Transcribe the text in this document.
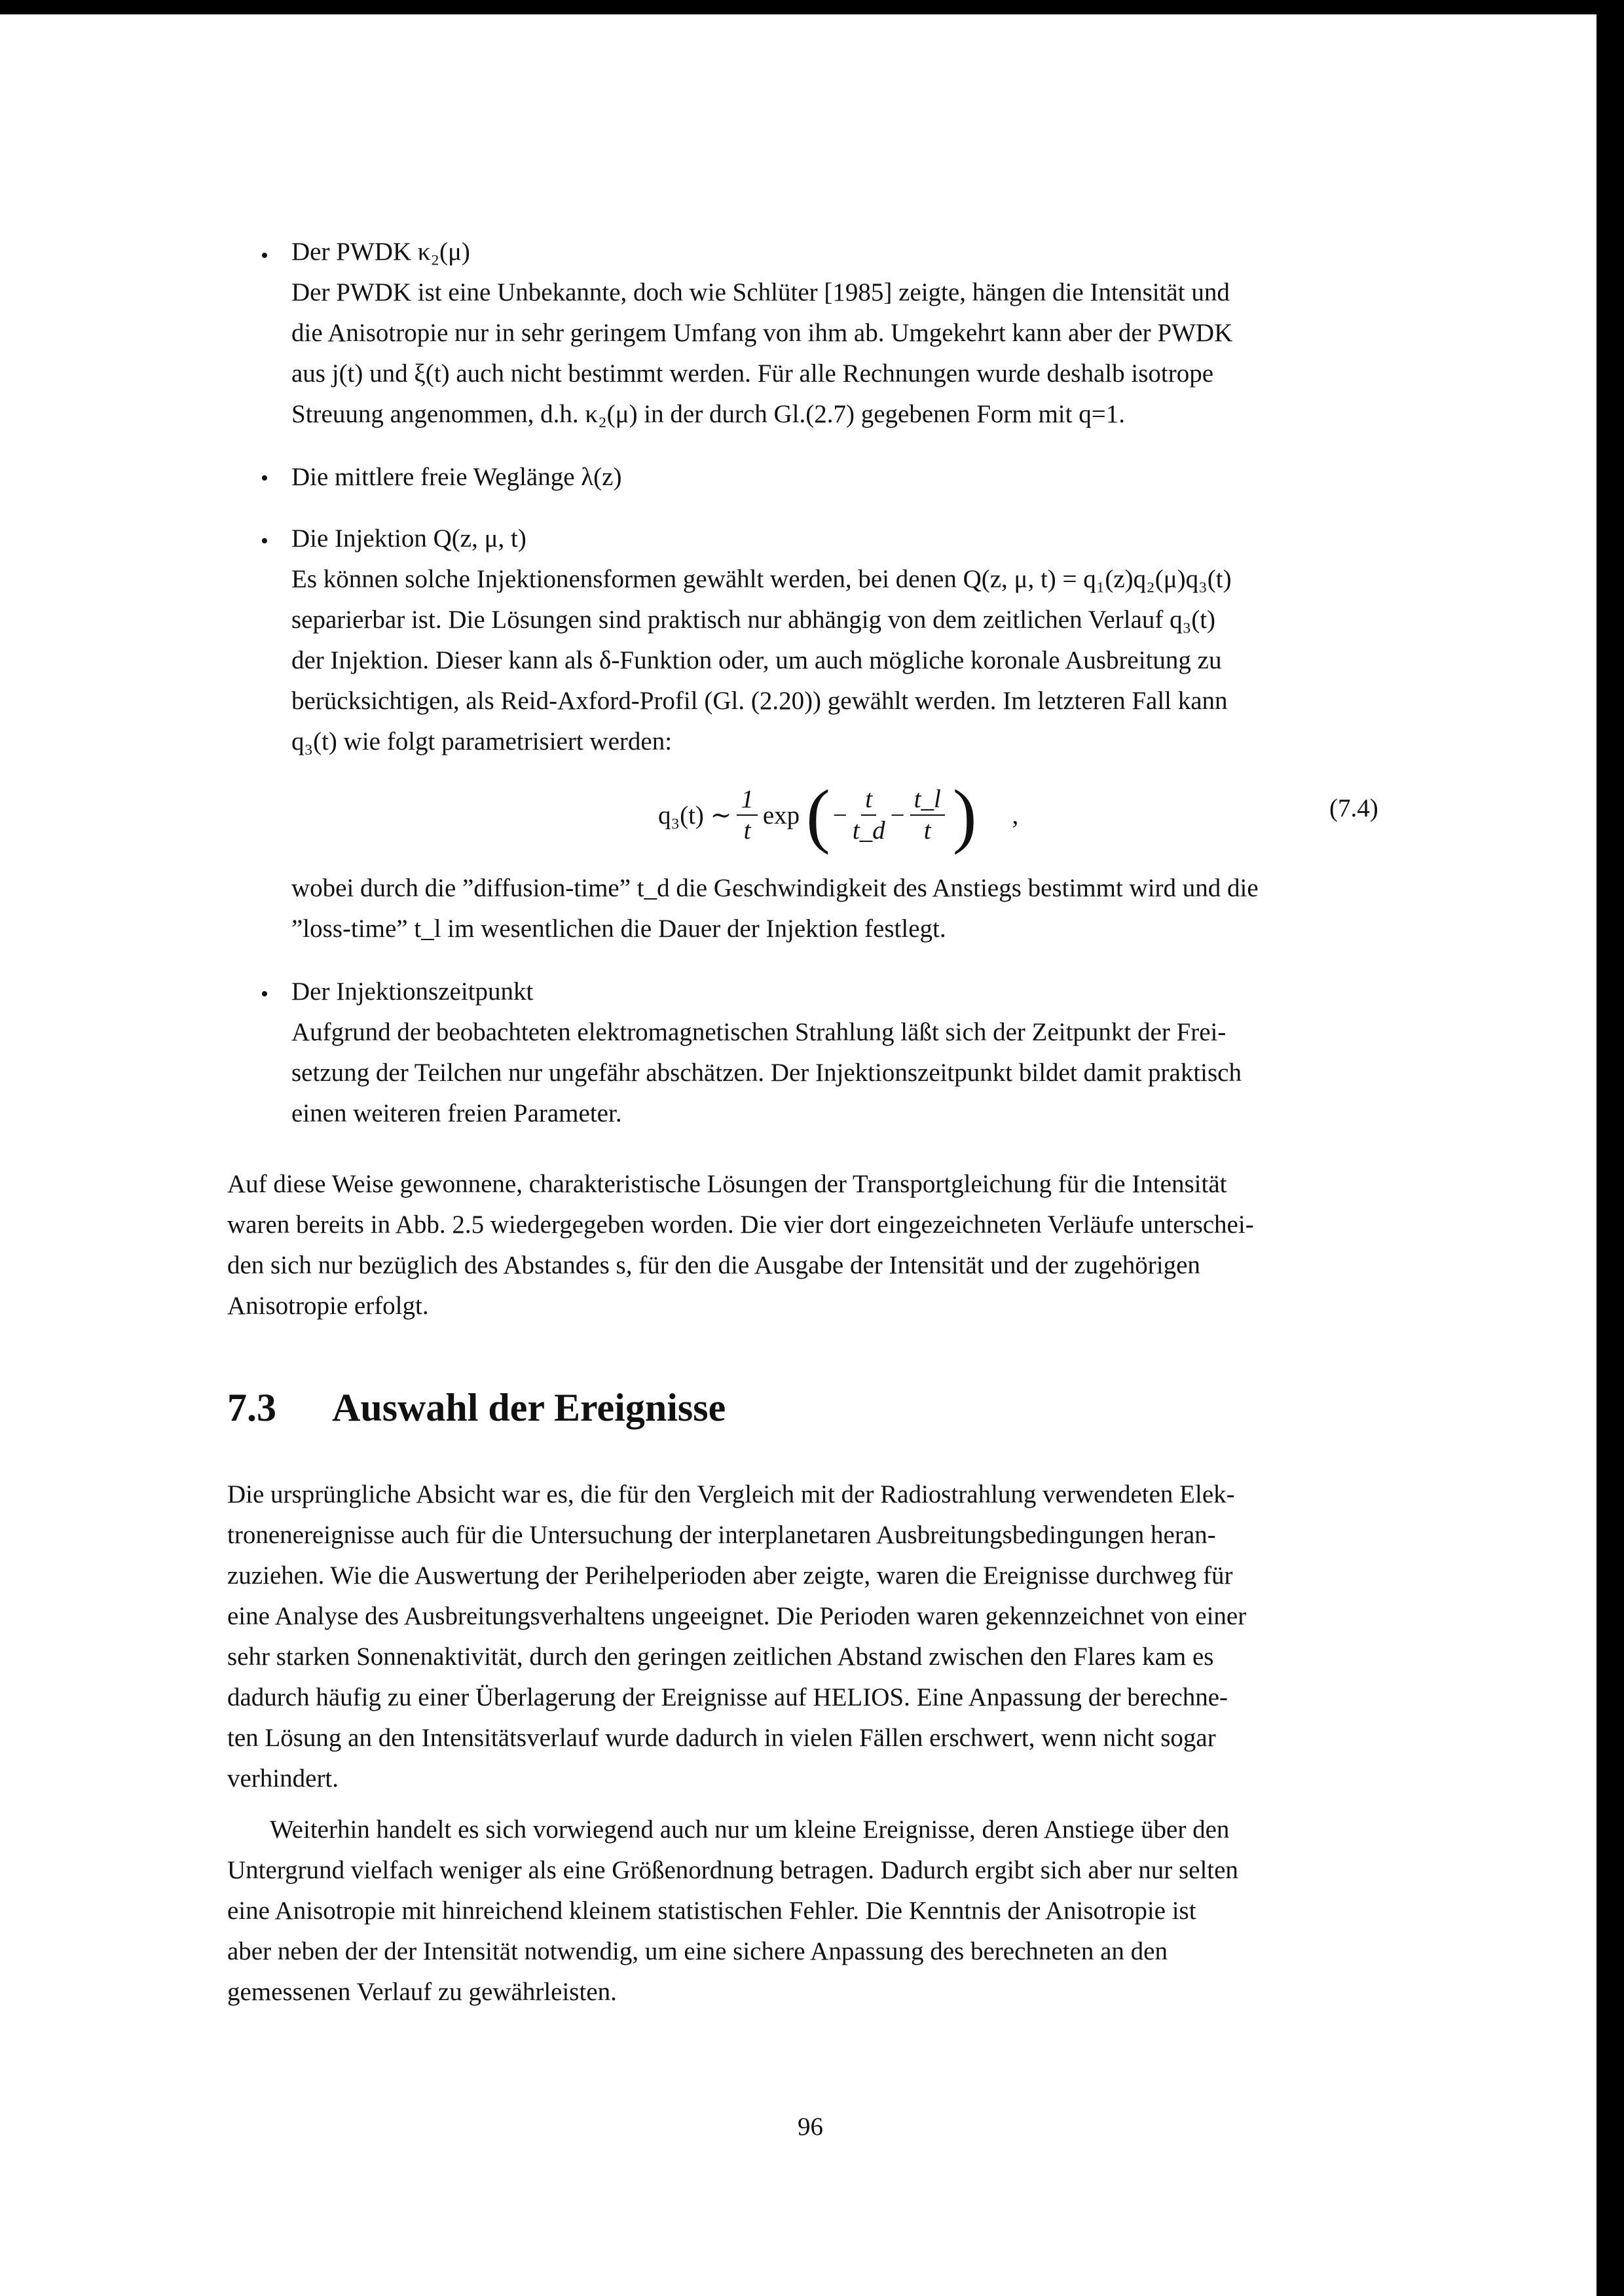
• Der PWDK κ₂(μ)
Der PWDK ist eine Unbekannte, doch wie Schlüter [1985] zeigte, hängen die Intensität und
die Anisotropie nur in sehr geringem Umfang von ihm ab. Umgekehrt kann aber der PWDK
aus j(t) und ξ(t) auch nicht bestimmt werden. Für alle Rechnungen wurde deshalb isotrope
Streuung angenommen, d.h. κ₂(μ) in der durch Gl.(2.7) gegebenen Form mit q=1.
• Die mittlere freie Weglänge λ(z)
• Die Injektion Q(z, μ, t)
Es können solche Injektionensformen gewählt werden, bei denen Q(z, μ, t) = q₁(z)q₂(μ)q₃(t)
separierbar ist. Die Lösungen sind praktisch nur abhängig von dem zeitlichen Verlauf q₃(t)
der Injektion. Dieser kann als δ-Funktion oder, um auch mögliche koronale Ausbreitung zu
berücksichtigen, als Reid-Axford-Profil (Gl. (2.20)) gewählt werden. Im letzteren Fall kann
q₃(t) wie folgt parametrisiert werden:
q₃(t) ∼ $\frac{1}{t}$ exp ( − $\frac{t}{t\_d} - \frac{t\_l}{t}$ ) ,	(7.4)
wobei durch die ”diffusion-time” t_d die Geschwindigkeit des Anstiegs bestimmt wird und die
”loss-time” t_l im wesentlichen die Dauer der Injektion festlegt.
• Der Injektionszeitpunkt
Aufgrund der beobachteten elektromagnetischen Strahlung läßt sich der Zeitpunkt der Frei-
setzung der Teilchen nur ungefähr abschätzen. Der Injektionszeitpunkt bildet damit praktisch
einen weiteren freien Parameter.
Auf diese Weise gewonnene, charakteristische Lösungen der Transportgleichung für die Intensität
waren bereits in Abb. 2.5 wiedergegeben worden. Die vier dort eingezeichneten Verläufe unterschei-
den sich nur bezüglich des Abstandes s, für den die Ausgabe der Intensität und der zugehörigen
Anisotropie erfolgt.
7.3 Auswahl der Ereignisse
Die ursprüngliche Absicht war es, die für den Vergleich mit der Radiostrahlung verwendeten Elek-
tronenereignisse auch für die Untersuchung der interplanetaren Ausbreitungsbedingungen heran-
zuziehen. Wie die Auswertung der Perihelperioden aber zeigte, waren die Ereignisse durchweg für
eine Analyse des Ausbreitungsverhaltens ungeeignet. Die Perioden waren gekennzeichnet von einer
sehr starken Sonnenaktivität, durch den geringen zeitlichen Abstand zwischen den Flares kam es
dadurch häufig zu einer Überlagerung der Ereignisse auf HELIOS. Eine Anpassung der berechne-
ten Lösung an den Intensitätsverlauf wurde dadurch in vielen Fällen erschwert, wenn nicht sogar
verhindert.
Weiterhin handelt es sich vorwiegend auch nur um kleine Ereignisse, deren Anstiege über den
Untergrund vielfach weniger als eine Größenordnung betragen. Dadurch ergibt sich aber nur selten
eine Anisotropie mit hinreichend kleinem statistischen Fehler. Die Kenntnis der Anisotropie ist
aber neben der der Intensität notwendig, um eine sichere Anpassung des berechneten an den
gemessenen Verlauf zu gewährleisten.
96
